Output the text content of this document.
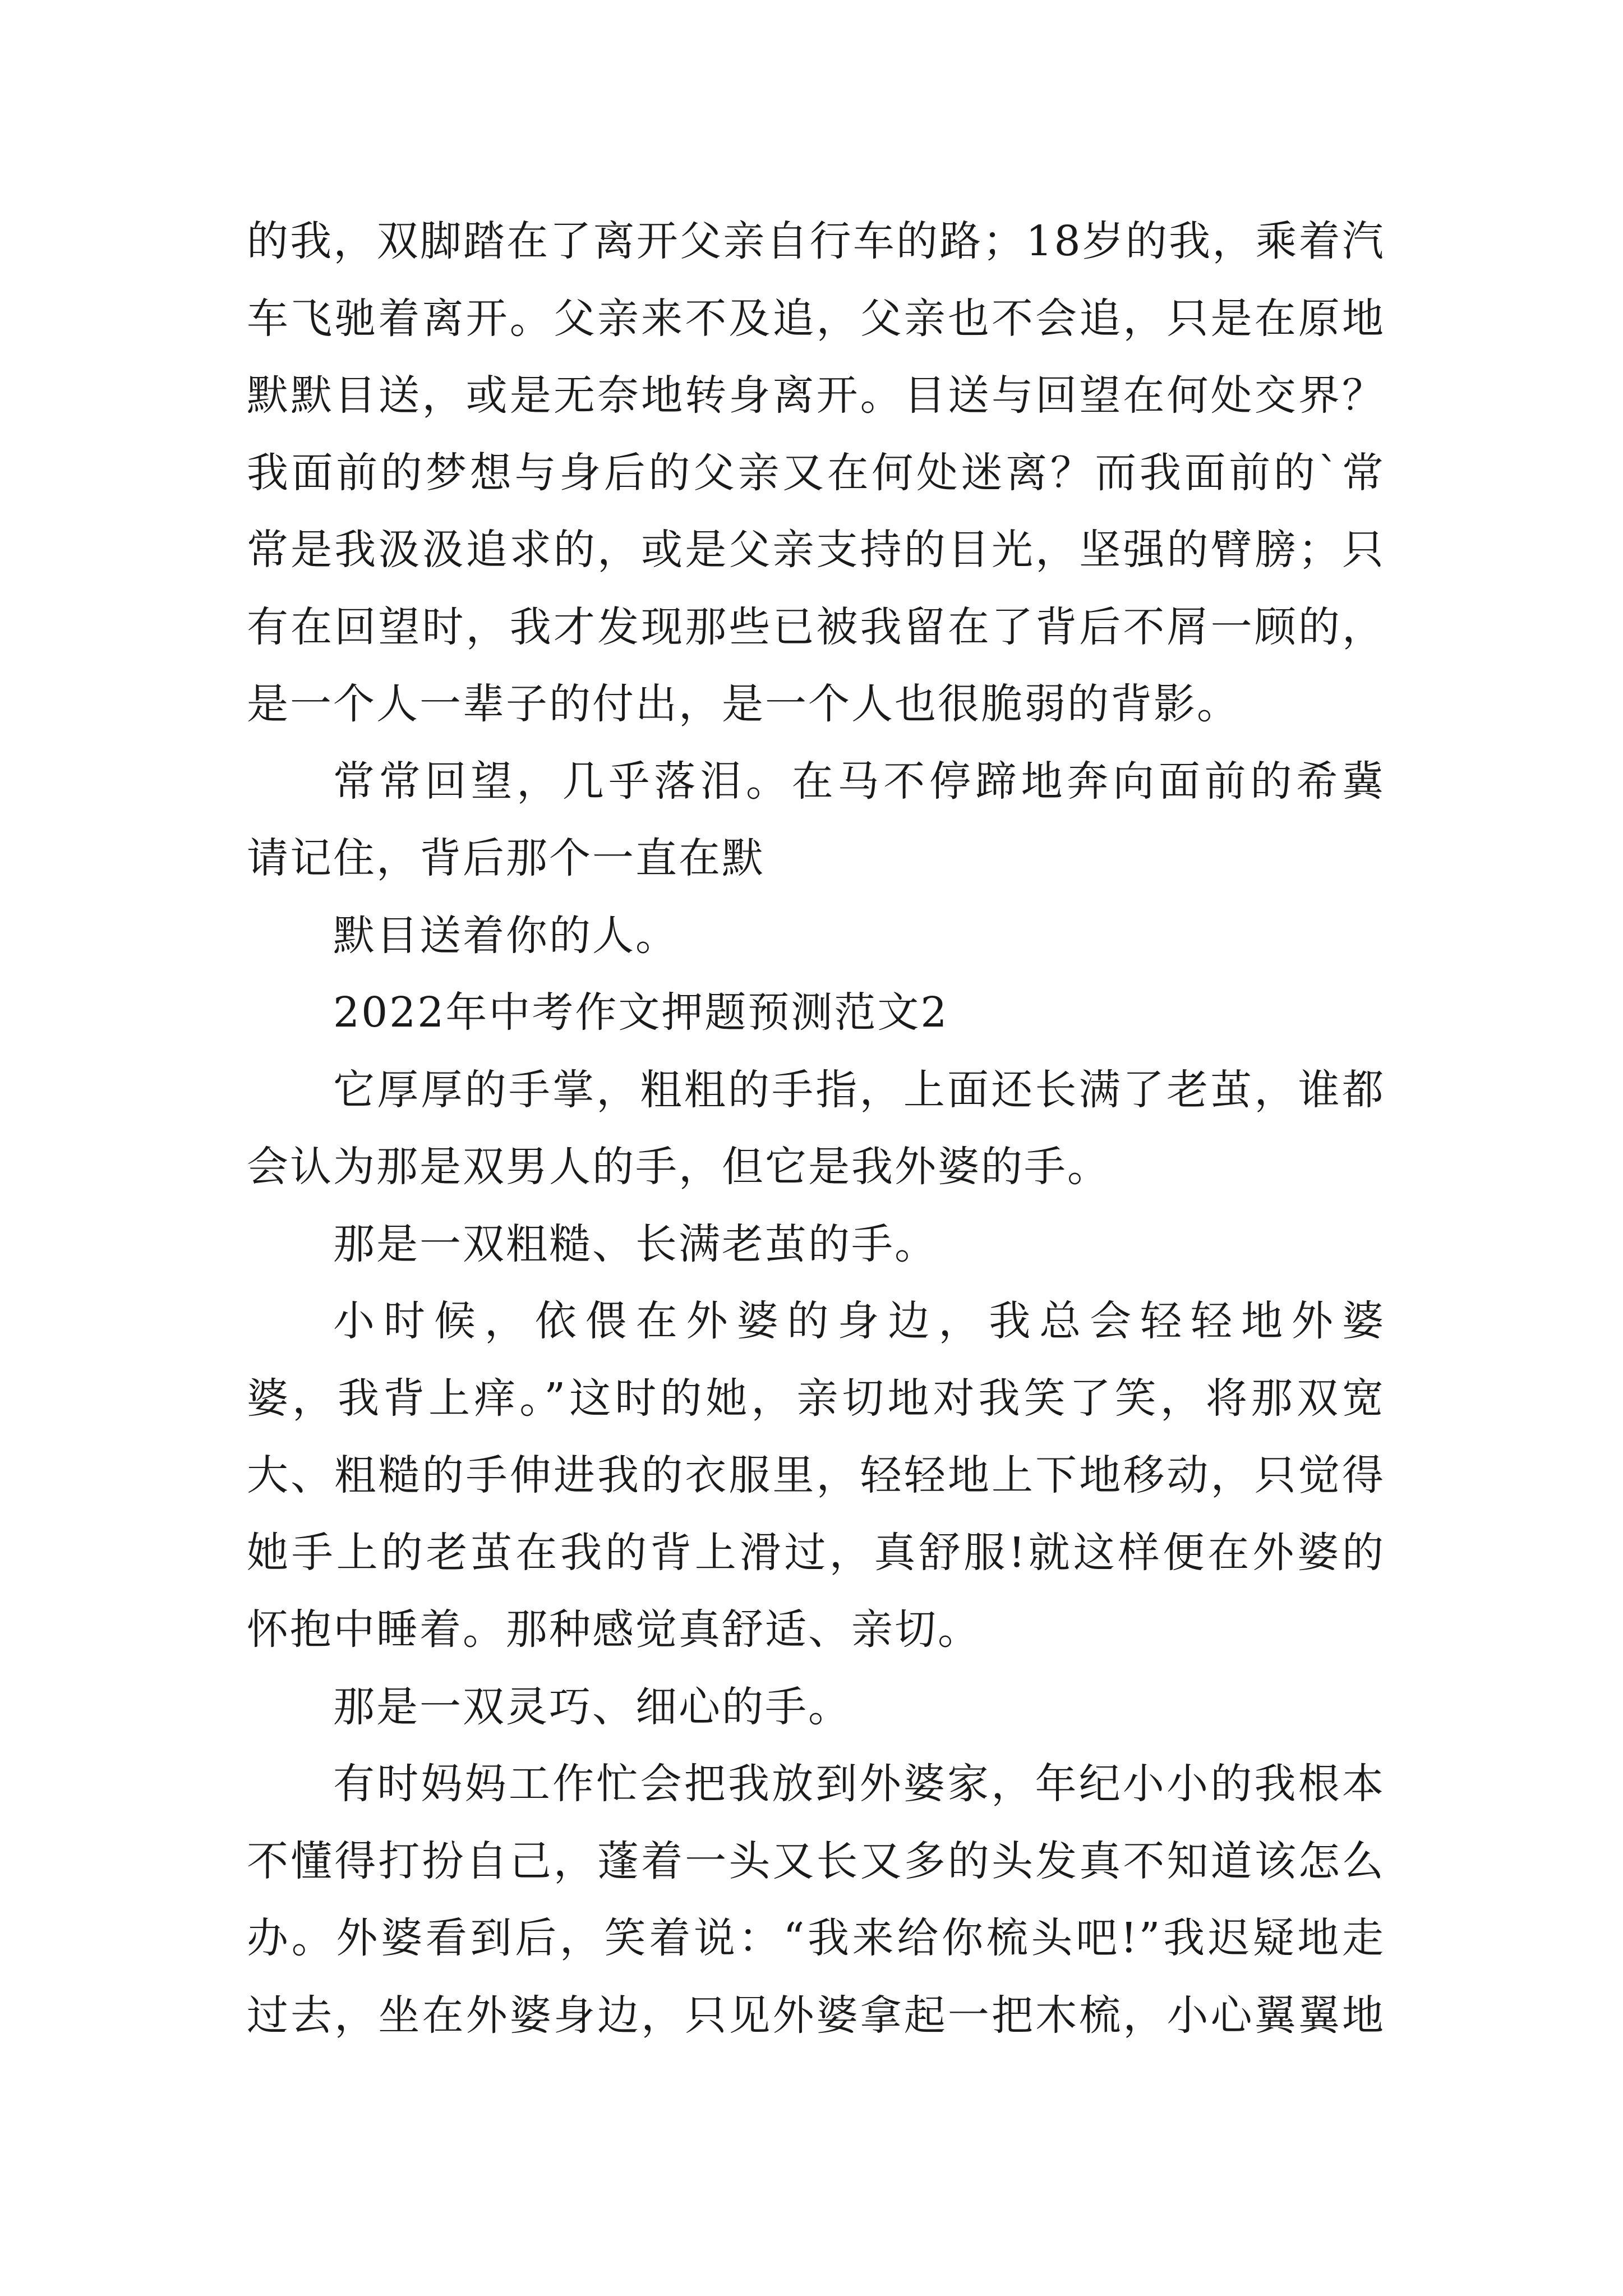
的我，双脚踏在了离开父亲自行车的路；18岁的我，乘着汽
车飞驰着离开。父亲来不及追，父亲也不会追，只是在原地
默默目送，或是无奈地转身离开。目送与回望在何处交界？
我面前的梦想与身后的父亲又在何处迷离？而我面前的`常
常是我汲汲追求的，或是父亲支持的目光，坚强的臂膀；只
有在回望时，我才发现那些已被我留在了背后不屑一顾的，
是一个人一辈子的付出，是一个人也很脆弱的背影。
常常回望，几乎落泪。在马不停蹄地奔向面前的希冀
请记住，背后那个一直在默
默目送着你的人。
2022年中考作文押题预测范文2
它厚厚的手掌，粗粗的手指，上面还长满了老茧，谁都
会认为那是双男人的手，但它是我外婆的手。
那是一双粗糙、长满老茧的手。
小时候，依偎在外婆的身边，我总会轻轻地外婆
婆，我背上痒。”这时的她，亲切地对我笑了笑，将那双宽
大、粗糙的手伸进我的衣服里，轻轻地上下地移动，只觉得
她手上的老茧在我的背上滑过，真舒服!就这样便在外婆的
怀抱中睡着。那种感觉真舒适、亲切。
那是一双灵巧、细心的手。
有时妈妈工作忙会把我放到外婆家，年纪小小的我根本
不懂得打扮自己，蓬着一头又长又多的头发真不知道该怎么
办。外婆看到后，笑着说：“我来给你梳头吧!”我迟疑地走
过去，坐在外婆身边，只见外婆拿起一把木梳，小心翼翼地
